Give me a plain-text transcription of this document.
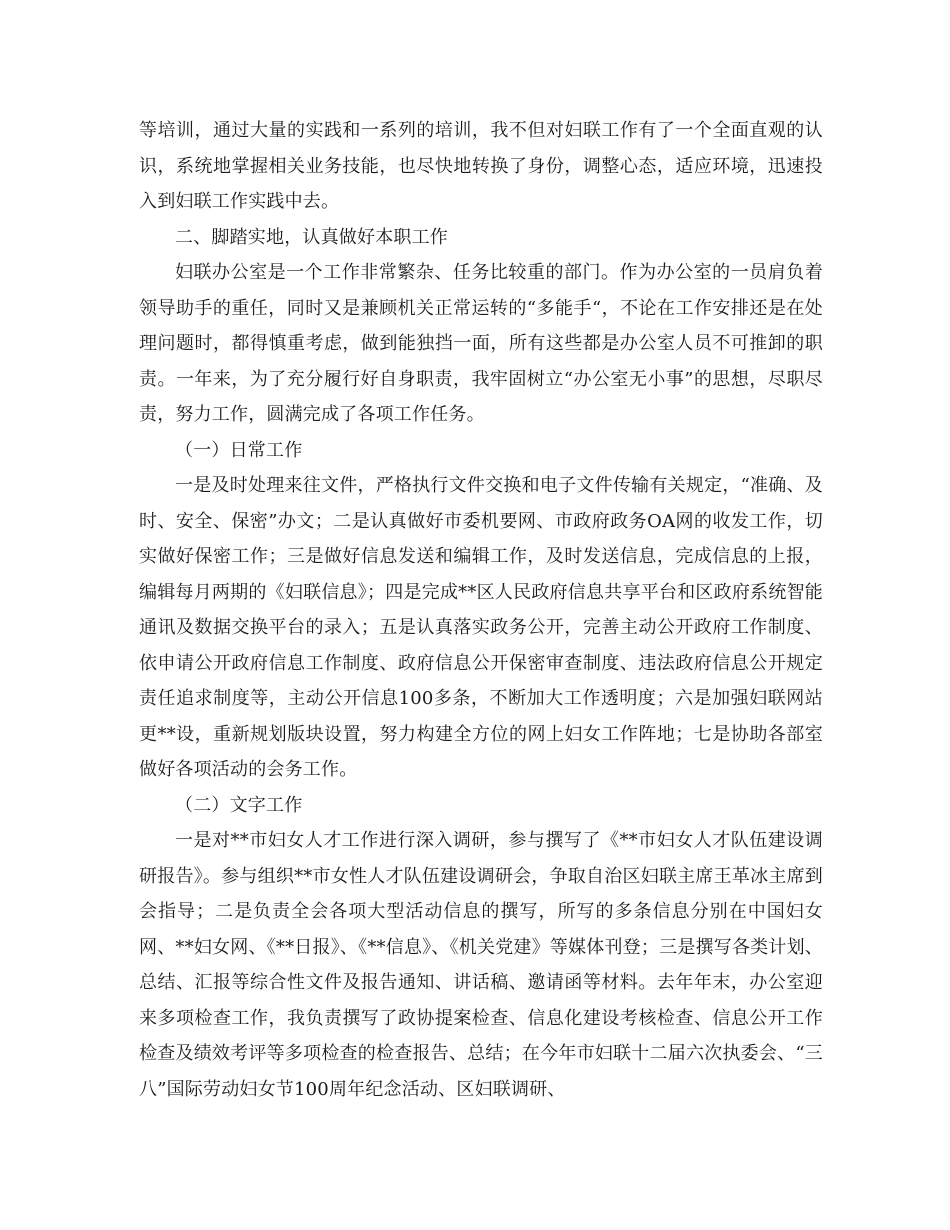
等培训，通过大量的实践和一系列的培训，我不但对妇联工作有了一个全面直观的认识，系统地掌握相关业务技能，也尽快地转换了身份，调整心态，适应环境，迅速投入到妇联工作实践中去。

二、脚踏实地，认真做好本职工作

妇联办公室是一个工作非常繁杂、任务比较重的部门。作为办公室的一员肩负着领导助手的重任，同时又是兼顾机关正常运转的“多能手“，不论在工作安排还是在处理问题时，都得慎重考虑，做到能独挡一面，所有这些都是办公室人员不可推卸的职责。一年来，为了充分履行好自身职责，我牢固树立“办公室无小事”的思想，尽职尽责，努力工作，圆满完成了各项工作任务。

（一）日常工作

一是及时处理来往文件，严格执行文件交换和电子文件传输有关规定，“准确、及时、安全、保密”办文；二是认真做好市委机要网、市政府政务OA网的收发工作，切实做好保密工作；三是做好信息发送和编辑工作，及时发送信息，完成信息的上报，编辑每月两期的《妇联信息》；四是完成**区人民政府信息共享平台和区政府系统智能通讯及数据交换平台的录入；五是认真落实政务公开，完善主动公开政府工作制度、依申请公开政府信息工作制度、政府信息公开保密审查制度、违法政府信息公开规定责任追求制度等，主动公开信息100多条，不断加大工作透明度；六是加强妇联网站更**设，重新规划版块设置，努力构建全方位的网上妇女工作阵地；七是协助各部室做好各项活动的会务工作。

（二）文字工作

一是对**市妇女人才工作进行深入调研，参与撰写了《**市妇女人才队伍建设调研报告》。参与组织**市女性人才队伍建设调研会，争取自治区妇联主席王革冰主席到会指导；二是负责全会各项大型活动信息的撰写，所写的多条信息分别在中国妇女网、**妇女网、《**日报》、《**信息》、《机关党建》等媒体刊登；三是撰写各类计划、总结、汇报等综合性文件及报告通知、讲话稿、邀请函等材料。去年年末，办公室迎来多项检查工作，我负责撰写了政协提案检查、信息化建设考核检查、信息公开工作检查及绩效考评等多项检查的检查报告、总结；在今年市妇联十二届六次执委会、“三八”国际劳动妇女节100周年纪念活动、区妇联调研、
